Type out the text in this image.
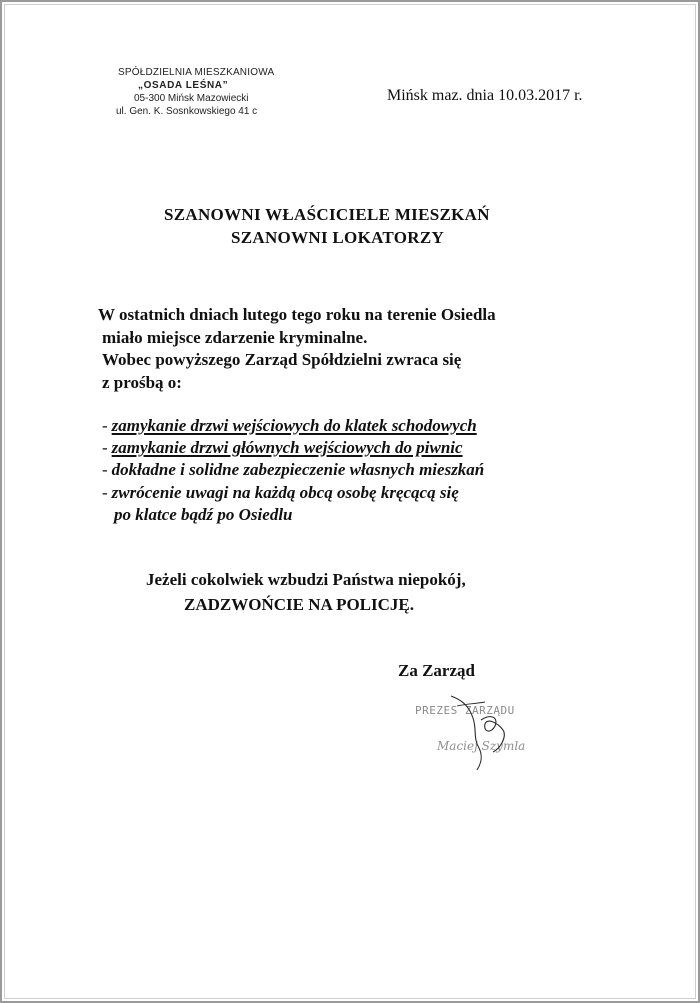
SPÓŁDZIELNIA MIESZKANIOWA
„OSADA LEŚNA”
05-300 Mińsk Mazowiecki
ul. Gen. K. Sosnkowskiego 41 c
Mińsk maz. dnia 10.03.2017 r.
SZANOWNI WŁAŚCICIELE MIESZKAŃ
SZANOWNI LOKATORZY
W ostatnich dniach lutego tego roku na terenie Osiedla
miało miejsce zdarzenie kryminalne.
Wobec powyższego Zarząd Spółdzielni zwraca się
z prośbą o:
- zamykanie drzwi wejściowych do klatek schodowych
- zamykanie drzwi głównych wejściowych do piwnic
- dokładne i solidne zabezpieczenie własnych mieszkań
- zwrócenie uwagi na każdą obcą osobę kręcącą się
po klatce bądź po Osiedlu
Jeżeli cokolwiek wzbudzi Państwa niepokój,
ZADZWOŃCIE NA POLICJĘ.
Za Zarząd
PREZES ZARZĄDU
Maciej Szymla
